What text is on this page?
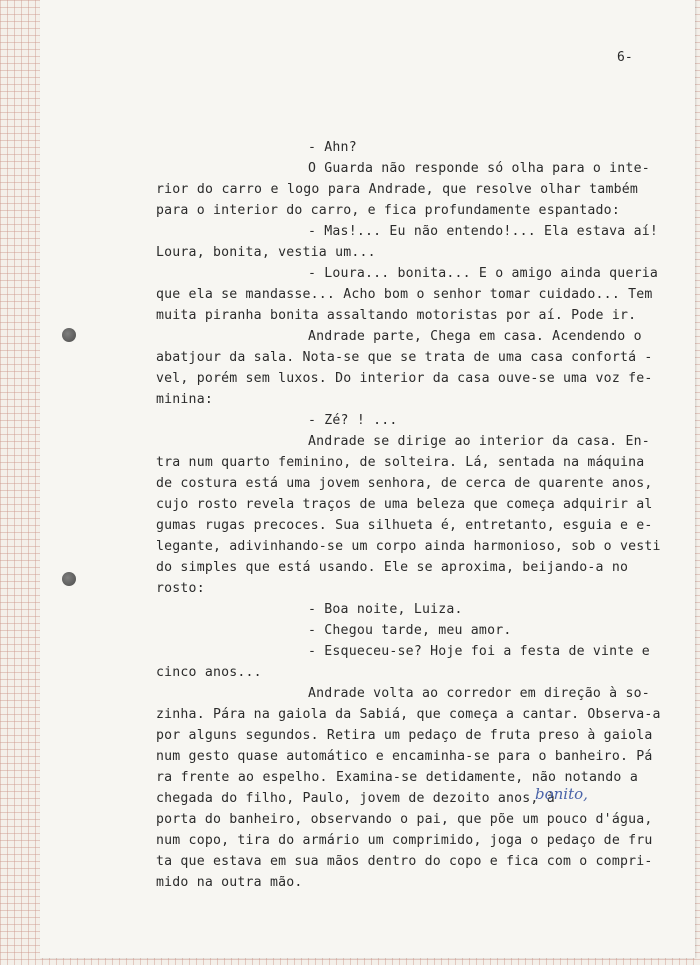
6-
- Ahn?
O Guarda não responde só olha para o inte-
rior do carro e logo para Andrade, que resolve olhar também
para o interior do carro, e fica profundamente espantado:
- Mas!... Eu não entendo!... Ela estava aí!
Loura, bonita, vestia um...
- Loura... bonita... E o amigo ainda queria
que ela se mandasse... Acho bom o senhor tomar cuidado... Tem
muita piranha bonita assaltando motoristas por aí. Pode ir.
Andrade parte, Chega em casa. Acendendo o
abatjour da sala. Nota-se que se trata de uma casa confortá -
vel, porém sem luxos. Do interior da casa ouve-se uma voz fe-
minina:
- Zé? ! ...
Andrade se dirige ao interior da casa. En-
tra num quarto feminino, de solteira. Lá, sentada na máquina
de costura está uma jovem senhora, de cerca de quarente anos,
cujo rosto revela traços de uma beleza que começa adquirir al
gumas rugas precoces. Sua silhueta é, entretanto, esguia e e-
legante, adivinhando-se um corpo ainda harmonioso, sob o vesti
do simples que está usando. Ele se aproxima, beijando-a no
rosto:
- Boa noite, Luiza.
- Chegou tarde, meu amor.
- Esqueceu-se? Hoje foi a festa de vinte e
cinco anos...
Andrade volta ao corredor em direção à so-
zinha. Pára na gaiola da Sabiá, que começa a cantar. Observa-a
por alguns segundos. Retira um pedaço de fruta preso à gaiola
num gesto quase automático e encaminha-se para o banheiro. Pá
ra frente ao espelho. Examina-se detidamente, não notando a
chegada do filho, Paulo, jovem de dezoito anos, à
porta do banheiro, observando o pai, que põe um pouco d'água,
num copo, tira do armário um comprimido, joga o pedaço de fru
ta que estava em sua mãos dentro do copo e fica com o compri-
mido na outra mão.
bonito,
